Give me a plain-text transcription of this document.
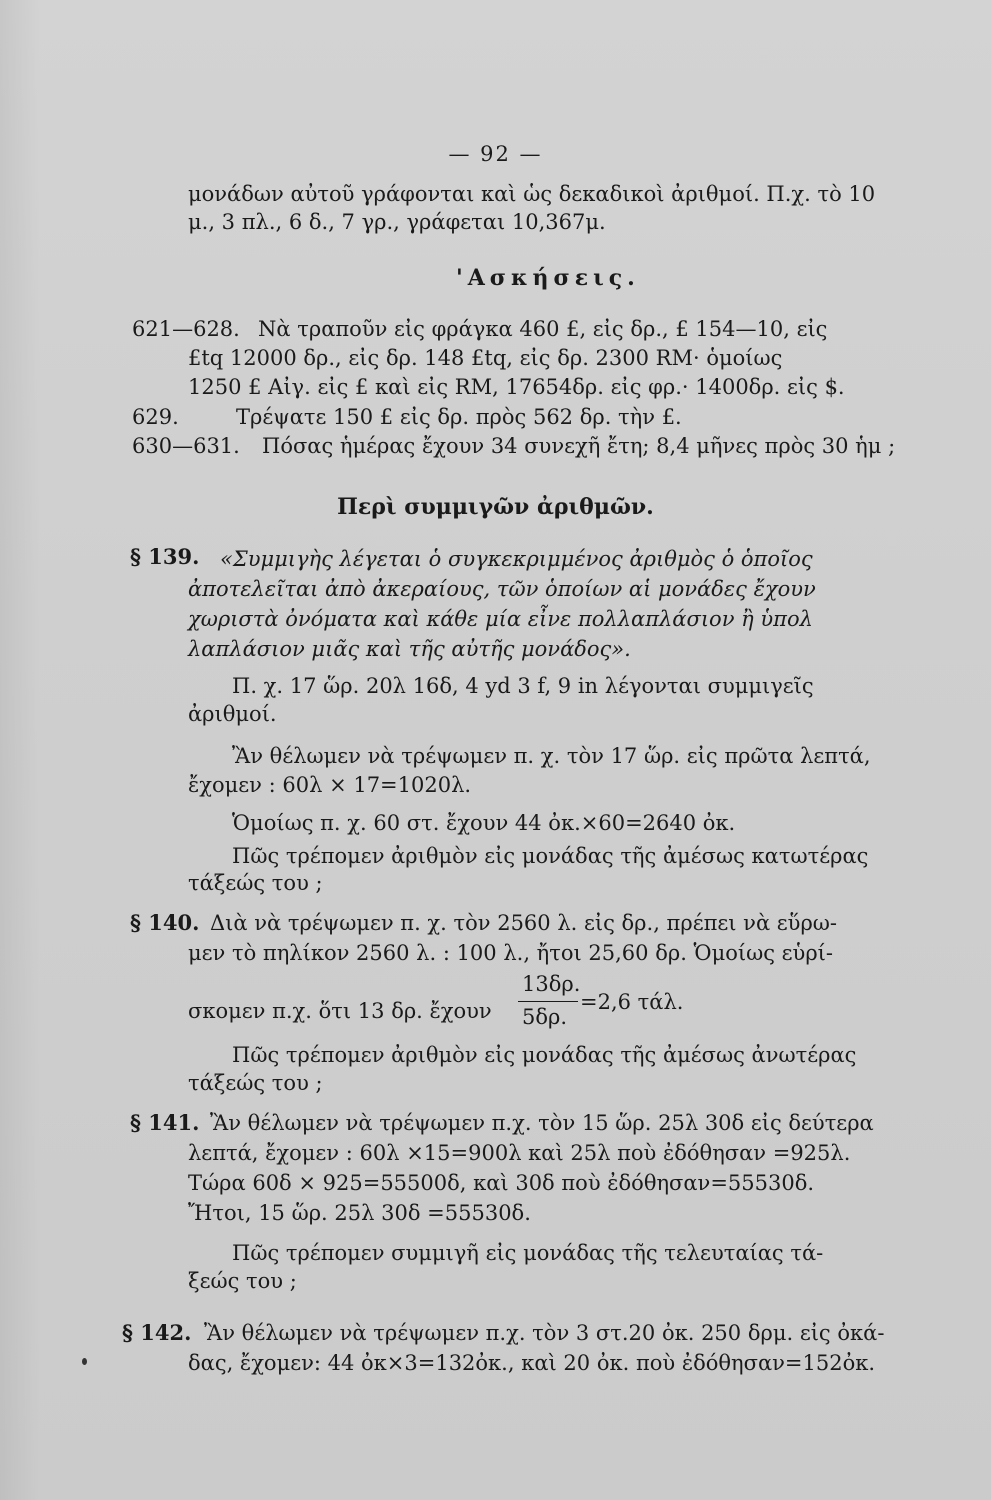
— 92 —
μονάδων αὐτοῦ γράφονται καὶ ὡς δεκαδικοὶ ἀριθμοί. Π.χ. τὸ 10
μ., 3 πλ., 6 δ., 7 γρ., γράφεται 10,367μ.
'Ασκήσεις.
621—628. Νὰ τραποῦν εἰς φράγκα 460 £, εἰς δρ., £ 154—10, εἰς
£tq 12000 δρ., εἰς δρ. 148 £tq, εἰς δρ. 2300 RM· ὁμοίως
1250 £ Αἰγ. εἰς £ καὶ εἰς RM, 17654δρ. εἰς φρ.· 1400δρ. εἰς $.
629.	Τρέψατε 150 £ εἰς δρ. πρὸς 562 δρ. τὴν £.
630—631. Πόσας ἡμέρας ἔχουν 34 συνεχῆ ἔτη; 8,4 μῆνες πρὸς 30 ἡμ ;
Περὶ συμμιγῶν ἀριθμῶν.
§ 139. «Συμμιγὴς λέγεται ὁ συγκεκριμμένος ἀριθμὸς ὁ ὁποῖος
ἀποτελεῖται ἀπὸ ἀκεραίους, τῶν ὁποίων αἱ μονάδες ἔχουν
χωριστὰ ὀνόματα καὶ κάθε μία εἶνε πολλαπλάσιον ἢ ὑπολ
λαπλάσιον μιᾶς καὶ τῆς αὐτῆς μονάδος».
Π. χ. 17 ὥρ. 20λ 16δ, 4 yd 3 f, 9 in λέγονται συμμιγεῖς
ἀριθμοί.
Ἂν θέλωμεν νὰ τρέψωμεν π. χ. τὸν 17 ὥρ. εἰς πρῶτα λεπτά,
ἔχομεν : 60λ × 17=1020λ.
Ὁμοίως π. χ. 60 στ. ἔχουν 44 ὀκ.×60=2640 ὀκ.
Πῶς τρέπομεν ἀριθμὸν εἰς μονάδας τῆς ἀμέσως κατωτέρας
τάξεώς του ;
§ 140. Διὰ νὰ τρέψωμεν π. χ. τὸν 2560 λ. εἰς δρ., πρέπει νὰ εὕρω-
μεν τὸ πηλίκον 2560 λ. : 100 λ., ἤτοι 25,60 δρ. Ὁμοίως εὑρί-
σκομεν π.χ. ὅτι 13 δρ. ἔχουν
13δρ.
5δρ.
=2,6 τάλ.
Πῶς τρέπομεν ἀριθμὸν εἰς μονάδας τῆς ἀμέσως ἀνωτέρας
τάξεώς του ;
§ 141. Ἂν θέλωμεν νὰ τρέψωμεν π.χ. τὸν 15 ὥρ. 25λ 30δ εἰς δεύτερα
λεπτά, ἔχομεν : 60λ ×15=900λ καὶ 25λ ποὺ ἐδόθησαν =925λ.
Τώρα 60δ × 925=55500δ, καὶ 30δ ποὺ ἐδόθησαν=55530δ.
Ἤτοι, 15 ὥρ. 25λ 30δ =55530δ.
Πῶς τρέπομεν συμμιγῆ εἰς μονάδας τῆς τελευταίας τά-
ξεώς του ;
§ 142. Ἂν θέλωμεν νὰ τρέψωμεν π.χ. τὸν 3 στ.20 ὀκ. 250 δρμ. εἰς ὀκά-
δας, ἔχομεν: 44 ὀκ×3=132ὀκ., καὶ 20 ὀκ. ποὺ ἐδόθησαν=152ὀκ.
